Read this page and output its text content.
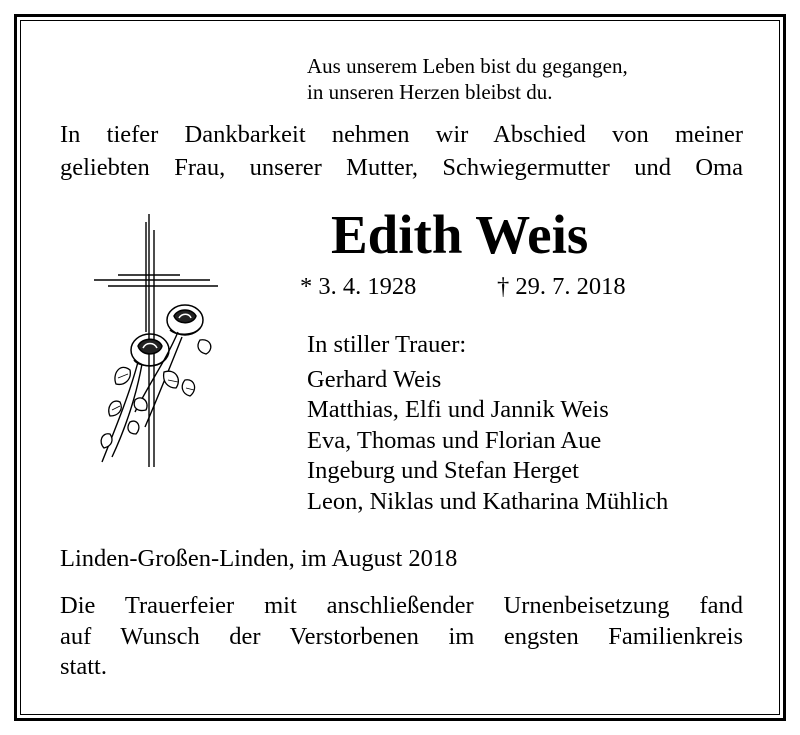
Aus unserem Leben bist du gegangen,
in unseren Herzen bleibst du.
In tiefer Dankbarkeit nehmen wir Abschied von meiner
geliebten Frau, unserer Mutter, Schwiegermutter und Oma
Edith Weis
* 3. 4. 1928	† 29. 7. 2018
In stiller Trauer:
Gerhard Weis
Matthias, Elfi und Jannik Weis
Eva, Thomas und Florian Aue
Ingeburg und Stefan Herget
Leon, Niklas und Katharina Mühlich
Linden-Großen-Linden, im August 2018
Die Trauerfeier mit anschließender Urnenbeisetzung fand
auf Wunsch der Verstorbenen im engsten Familienkreis
statt.
